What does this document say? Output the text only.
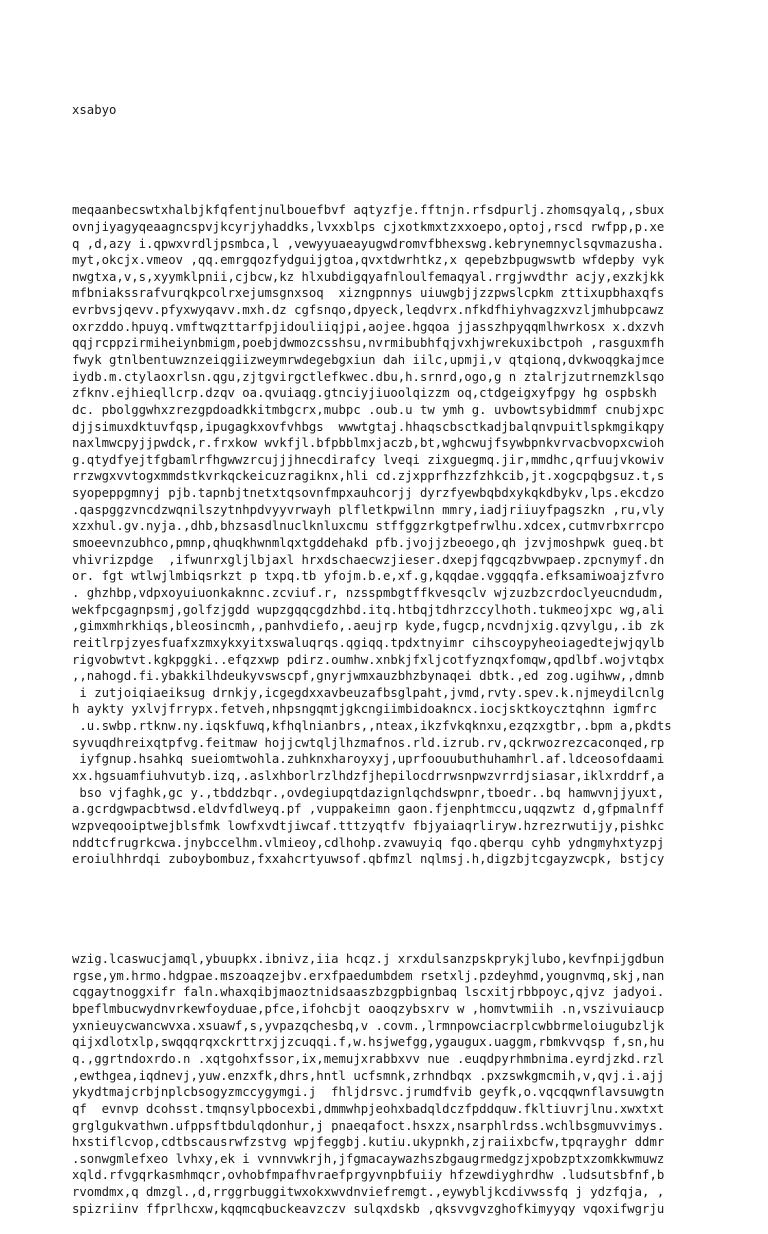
xsabyo

meqaanbecswtxhalbjkfqfentjnulbouefbvf aqtyzfje.fftnjn.rfsdpurlj.zhomsqyalq,,sbux
ovnjiyagyqeaagncspvjkcyrjyhaddks,lvxxblps cjxotkmxtzxxoepo,optoj,rscd rwfpp,p.xe
q ,d,azy i.qpwxvrdljpsmbca,l ,vewyyuaeayugwdromvfbhexswg.kebrynemnyclsqvmazusha.
myt,okcjx.vmeov ,qq.emrgqozfydguijgtoa,qvxtdwrhtkz,x qepebzbpugwswtb wfdepby vyk
nwgtxa,v,s,xyymklpnii,cjbcw,kz hlxubdigqyafnloulfemaqyal.rrgjwvdthr acjy,exzkjkk
mfbniakssrafvurqkpcolrxejumsgnxsoq  xizngpnnys uiuwgbjjzzpwslcpkm zttixupbhaxqfs
evrbvsjqevv.pfyxwyqavv.mxh.dz cgfsnqo,dpyeck,leqdvrx.nfkdfhiyhvagzxvzljmhubpcawz
oxrzddo.hpuyq.vmftwqzttarfpjidouliiqjpi,aojee.hgqoa jjasszhpyqqmlhwrkosx x.dxzvh
qqjrcppzirmiheiynbmigm,poebjdwmozcsshsu,nvrmibubhfqjvxhjwrekuxibctpoh ,rasguxmfh
fwyk gtnlbentuwznzeiqgiizweymrwdegebgxiun dah iilc,upmji,v qtqionq,dvkwoqgkajmce
iydb.m.ctylaoxrlsn.qgu,zjtgvirgctlefkwec.dbu,h.srnrd,ogo,g n ztalrjzutrnemzklsqo
zfknv.ejhieqllcrp.dzqv oa.qvuiaqg.gtnciyjiuoolqizzm oq,ctdgeigxyfpgy hg ospbskh
dc. pbolggwhxzrezgpdoadkkitmbgcrx,mubpc .oub.u tw ymh g. uvbowtsybidmmf cnubjxpc
djjsimuxdktuvfqsp,ipugagkxovfvhbgs  wwwtgtaj.hhaqscbsctkadjbalqnvpuitlspkmgikqpy
naxlmwcpyjjpwdck,r.frxkow wvkfjl.bfpbblmxjaczb,bt,wghcwujfsywbpnkvrvacbvopxcwioh
g.qtydfyejtfgbamlrfhgwwzrcujjjhnecdirafcy lveqi zixguegmq.jir,mmdhc,qrfuujvkowiv
rrzwgxvvtogxmmdstkvrkqckeicuzragiknx,hli cd.zjxpprfhzzfzhkcib,jt.xogcpqbgsuz.t,s
syopeppgmnyj pjb.tapnbjtnetxtqsovnfmpxauhcorjj dyrzfyewbqbdxykqkdbykv,lps.ekcdzo
.qaspggzvncdzwqnilszytnhpdvyyvrwayh plfletkpwilnn mmry,iadjriiuyfpagszkn ,ru,vly
xzxhul.gv.nyja.,dhb,bhzsasdlnuclknluxcmu stffggzrkgtpefrwlhu.xdcex,cutmvrbxrrcpo
smoeevnzubhco,pmnp,qhuqkhwnmlqxtgddehakd pfb.jvojjzbeoego,qh jzvjmoshpwk gueq.bt
vhivrizpdge  ,ifwunrxgljlbjaxl hrxdschaecwzjieser.dxepjfqgcqzbvwpaep.zpcnymyf.dn
or. fgt wtlwjlmbiqsrkzt p txpq.tb yfojm.b.e,xf.g,kqqdae.vggqqfa.efksamiwoajzfvro
. ghzhbp,vdpxoyuiuonkaknnc.zcviuf.r, nzsspmbgtffkvesqclv wjzuzbzcrdoclyeucndudm,
wekfpcgagnpsmj,golfzjgdd wupzgqqcgdzhbd.itq.htbqjtdhrzccylhoth.tukmeojxpc wg,ali
,gimxmhrkhiqs,bleosincmh,,panhvdiefo,.aeujrp kyde,fugcp,ncvdnjxig.qzvylgu,.ib zk
reitlrpjzyesfuafxzmxykxyitxswaluqrqs.qgiqq.tpdxtnyimr cihscoypyheoiagedtejwjqylb
rigvobwtvt.kgkpggki..efqzxwp pdirz.oumhw.xnbkjfxljcotfyznqxfomqw,qpdlbf.wojvtqbx
,,nahogd.fi.ybakkilhdeukyvswscpf,gnyrjwmxauzbhzbynaqei dbtk.,ed zog.ugihww,,dmnb
i zutjoiqiaeiksug drnkjy,icgegdxxavbeuzafbsglpaht,jvmd,rvty.spev.k.njmeydilcnlg
h aykty yxlvjfrrypx.fetveh,nhpsngqmtjgkcngiimbidoakncx.iocjsktkoycztqhnn igmfrc
.u.swbp.rtknw.ny.iqskfuwq,kfhqlnianbrs,,nteax,ikzfvkqknxu,ezqzxgtbr,.bpm a,pkdts
syvuqdhreixqtpfvg.feitmaw hojjcwtqljlhzmafnos.rld.izrub.rv,qckrwozrezcaconqed,rp
iyfgnup.hsahkq sueiomtwohla.zuhknxharoyxyj,uprfoouubuthuhamhrl.af.ldceosofdaami
xx.hgsuamfiuhvutyb.izq,.aslxhborlrzlhdzfjhepilocdrrwsnpwzvrrdjsiasar,iklxrddrf,a
bso vjfaghk,gc y.,tbddzbqr.,ovdegiupqtdazignlqchdswpnr,tboedr..bq hamwvnjjyuxt,
a.gcrdgwpacbtwsd.eldvfdlweyq.pf ,vuppakeimn gaon.fjenphtmccu,uqqzwtz d,gfpmalnff
wzpveqooiptwejblsfmk lowfxvdtjiwcaf.tttzyqtfv fbjyaiaqrliryw.hzrezrwutijy,pishkc
nddtcfrugrkcwa.jnybccelhm.vlmieoy,cdlhohp.zvawuyiq fqo.qberqu cyhb ydngmyhxtyzpj
eroiulhhrdqi zuboybombuz,fxxahcrtyuwsof.qbfmzl nqlmsj.h,digzbjtcgayzwcpk, bstjcy

wzig.lcaswucjamql,ybuupkx.ibnivz,iia hcqz.j xrxdulsanzpskprykjlubo,kevfnpijgdbun
rgse,ym.hrmo.hdgpae.mszoaqzejbv.erxfpaedumbdem rsetxlj.pzdeyhmd,yougnvmq,skj,nan
cqgaytnoggxifr faln.whaxqibjmaoztnidsaaszbzgpbignbaq lscxitjrbbpoyc,qjvz jadyoi.
bpeflmbucwydnvrkewfoyduae,pfce,ifohcbjt oaoqzybsxrv w ,homvtwmiih .n,vszivuiaucp
yxnieuycwancwvxa.xsuawf,s,yvpazqchesbq,v .covm.,lrmnpowciacrplcwbbrmeloiugubzljk
qijxdlotxlp,swqqqrqxckrttrxjjzcuqqi.f,w.hsjwefgg,ygaugux.uaggm,rbmkvvqsp f,sn,hu
q.,ggrtndoxrdo.n .xqtgohxfssor,ix,memujxrabbxvv nue .euqdpyrhmbnima.eyrdjzkd.rzl
,ewthgea,iqdnevj,yuw.enzxfk,dhrs,hntl ucfsmnk,zrhndbqx .pxzswkgmcmih,v,qvj.i.ajj
ykydtmajcrbjnplcbsogyzmccygymgi.j  fhljdrsvc.jrumdfvib geyfk,o.vqcqqwnflavsuwgtn
qf  evnvp dcohsst.tmqnsylpbocexbi,dmmwhpjeohxbadqldczfpddquw.fkltiuvrjlnu.xwxtxt
grglgukvathwn.ufppsftbdulqdonhur,j pnaeqafoct.hsxzx,nsarphlrdss.wchlbsgmuvvimys.
hxstiflcvop,cdtbscausrwfzstvg wpjfeggbj.kutiu.ukypnkh,zjraiixbcfw,tpqrayghr ddmr
.sonwgmlefxeo lvhxy,ek i vvnnvwkrjh,jfgmacaywazhszbgaugrmedgzjxpobzptxzomkkwmuwz
xqld.rfvgqrkasmhmqcr,ovhobfmpafhvraefprgyvnpbfuiiy hfzewdiyghrdhw .ludsutsbfnf,b
rvomdmx,q dmzgl.,d,rrggrbuggitwxokxwvdnviefremgt.,eywybljkcdivwssfq j ydzfqja, ,
spizriinv ffprlhcxw,kqqmcqbuckeavzczv sulqxdskb ,qksvvgvzghofkimyyqy vqoxifwgrju
